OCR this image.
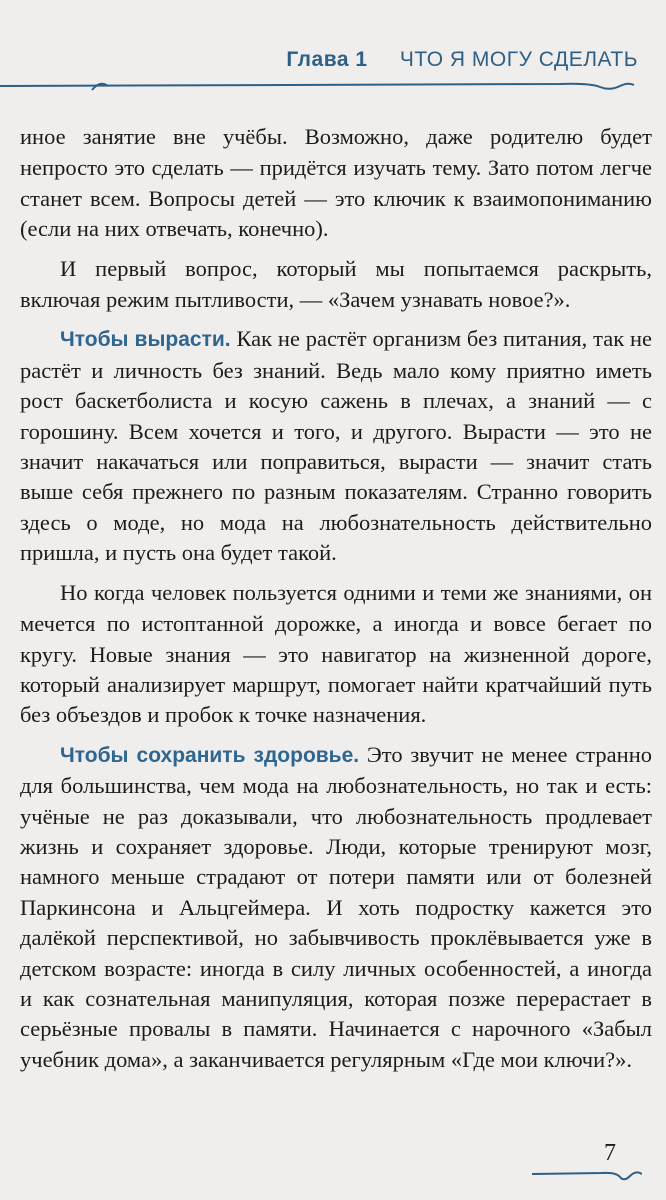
Глава 1 ЧТО Я МОГУ СДЕЛАТЬ

иное занятие вне учёбы. Возможно, даже родителю будет непросто это сделать — придётся изучать тему. Зато потом легче станет всем. Вопросы детей — это ключик к взаимопониманию (если на них отвечать, конечно).

И первый вопрос, который мы попытаемся раскрыть, включая режим пытливости, — «Зачем узнавать новое?».

Чтобы вырасти. Как не растёт организм без питания, так не растёт и личность без знаний. Ведь мало кому приятно иметь рост баскетболиста и косую сажень в плечах, а знаний — с горошину. Всем хочется и того, и другого. Вырасти — это не значит накачаться или поправиться, вырасти — значит стать выше себя прежнего по разным показателям. Странно говорить здесь о моде, но мода на любознательность действительно пришла, и пусть она будет такой.

Но когда человек пользуется одними и теми же знаниями, он мечется по истоптанной дорожке, а иногда и вовсе бегает по кругу. Новые знания — это навигатор на жизненной дороге, который анализирует маршрут, помогает найти кратчайший путь без объездов и пробок к точке назначения.

Чтобы сохранить здоровье. Это звучит не менее странно для большинства, чем мода на любознательность, но так и есть: учёные не раз доказывали, что любознательность продлевает жизнь и сохраняет здоровье. Люди, которые тренируют мозг, намного меньше страдают от потери памяти или от болезней Паркинсона и Альцгеймера. И хоть подростку кажется это далёкой перспективой, но забывчивость проклёвывается уже в детском возрасте: иногда в силу личных особенностей, а иногда и как сознательная манипуляция, которая позже перерастает в серьёзные провалы в памяти. Начинается с нарочного «Забыл учебник дома», а заканчивается регулярным «Где мои ключи?».

7
